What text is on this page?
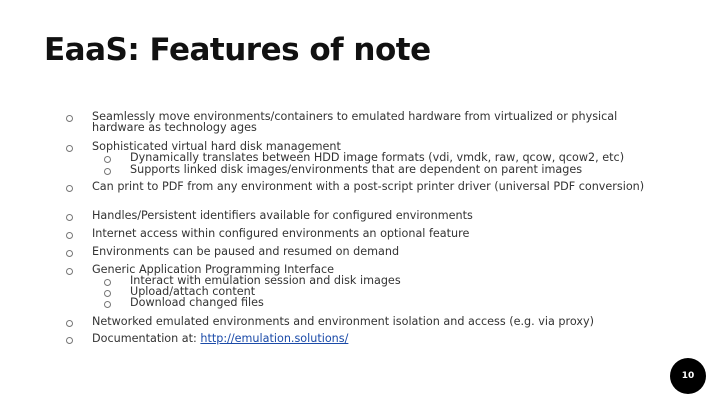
EaaS: Features of note
Seamlessly move environments/containers to emulated hardware from virtualized or physical hardware as technology ages
Sophisticated virtual hard disk management
Dynamically translates between HDD image formats (vdi, vmdk, raw, qcow, qcow2, etc)
Supports linked disk images/environments that are dependent on parent images
Can print to PDF from any environment with a post-script printer driver (universal PDF conversion)
Handles/Persistent identifiers available for configured environments
Internet access within configured environments an optional feature
Environments can be paused and resumed on demand
Generic Application Programming Interface
Interact with emulation session and disk images
Upload/attach content
Download changed files
Networked emulated environments and environment isolation and access (e.g. via proxy)
Documentation at: http://emulation.solutions/
10
